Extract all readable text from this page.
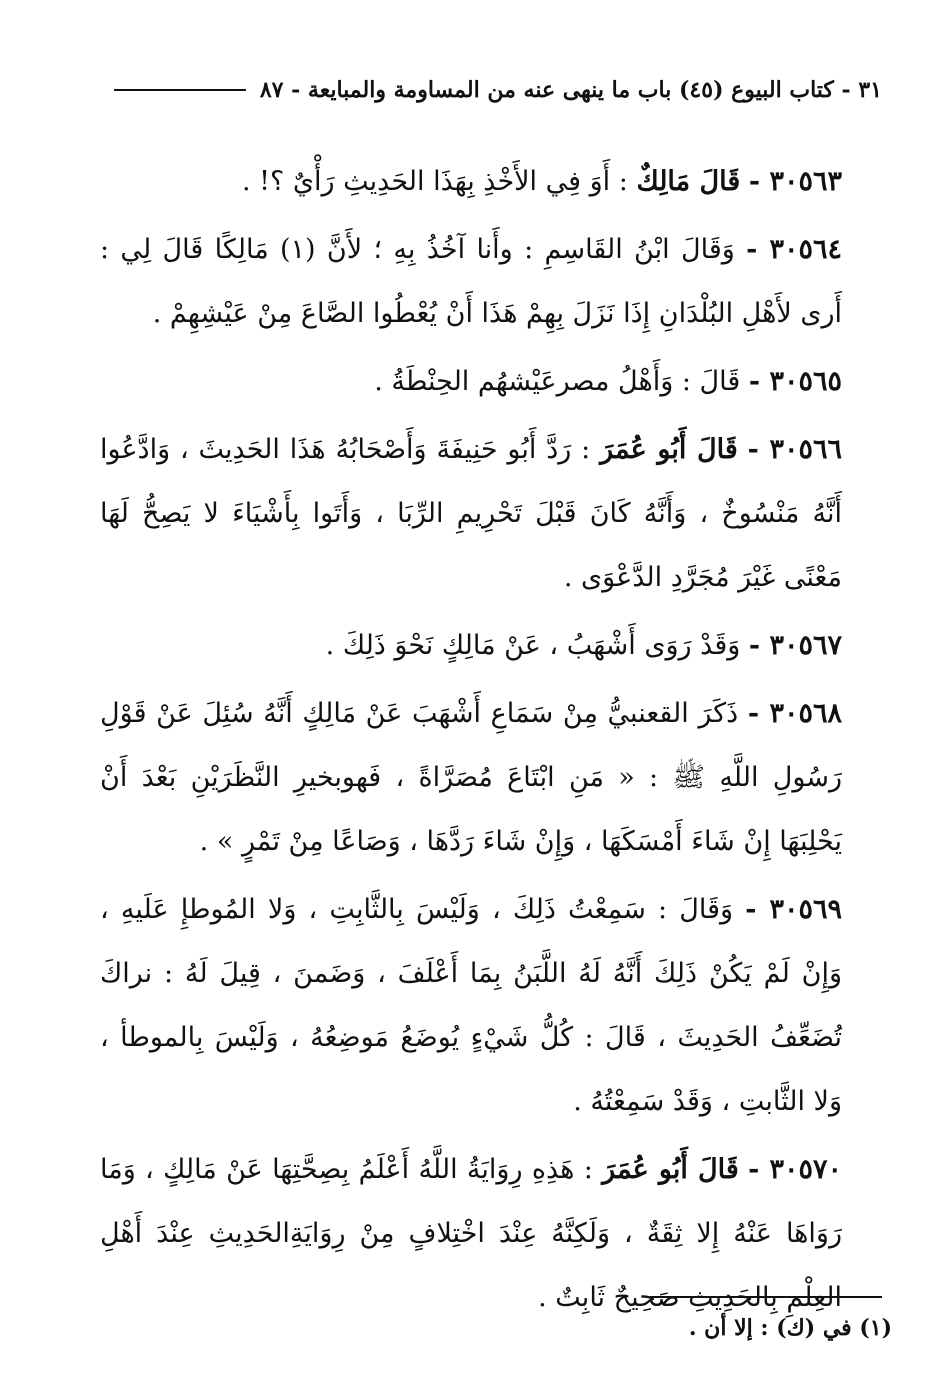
٣١ - كتاب البيوع (٤٥) باب ما ينهى عنه من المساومة والمبايعة - ٨٧

٣٠٥٦٣ - قَالَ مَالِكٌ : أَوَ فِي الأَخْذِ بِهَذَا الحَدِيثِ رَأْيٌ ؟! .

٣٠٥٦٤ - وَقَالَ ابْنُ القَاسِمِ : وأَنا آخُذُ بِهِ ؛ لأَنَّ (١) مَالِكًا قَالَ لِي : أَرى لأَهْلِ البُلْدَانِ إِذَا نَزَلَ بِهِمْ هَذَا أَنْ يُعْطُوا الصَّاعَ مِنْ عَيْشِهِمْ .

٣٠٥٦٥ - قَالَ : وَأَهْلُ مصرعَيْشهُم الحِنْطَةُ .

٣٠٥٦٦ - قَالَ أَبُو عُمَرَ : رَدَّ أَبُو حَنِيفَةَ وَأَصْحَابُهُ هَذَا الحَدِيثَ ، وَادَّعُوا أَنَّهُ مَنْسُوخٌ ، وَأَنَّهُ كَانَ قَبْلَ تَحْرِيمِ الرِّبَا ، وَأَتَوا بِأَشْيَاءَ لا يَصِحُّ لَهَا مَعْنًى غَيْرَ مُجَرَّدِ الدَّعْوَى .

٣٠٥٦٧ - وَقَدْ رَوَى أَشْهَبُ ، عَنْ مَالِكٍ نَحْوَ ذَلِكَ .

٣٠٥٦٨ - ذَكَرَ القعنبيُّ مِنْ سَمَاعِ أَشْهَبَ عَنْ مَالِكٍ أَنَّهُ سُئِلَ عَنْ قَوْلِ رَسُولِ اللَّهِ ﷺ : « مَنِ ابْتَاعَ مُصَرَّاةً ، فَهوبخيرِ النَّظَرَيْنِ بَعْدَ أَنْ يَحْلِبَهَا إِنْ شَاءَ أَمْسَكَهَا ، وَإِنْ شَاءَ رَدَّهَا ، وَصَاعًا مِنْ تَمْرٍ » .

٣٠٥٦٩ - وَقَالَ : سَمِعْتُ ذَلِكَ ، وَلَيْسَ بِالثَّابِتِ ، وَلا المُوطإِ عَلَيهِ ، وَإِنْ لَمْ يَكُنْ ذَلِكَ أَنَّهُ لَهُ اللَّبَنُ بِمَا أَعْلَفَ ، وَضَمنَ ، قِيلَ لَهُ : نراكَ تُضَعِّفُ الحَدِيثَ ، قَالَ : كُلُّ شَيْءٍ يُوضَعُ مَوضِعُهُ ، وَلَيْسَ بِالموطأ ، وَلا الثَّابتِ ، وَقَدْ سَمِعْتُهُ .

٣٠٥٧٠ - قَالَ أَبُو عُمَرَ : هَذِهِ رِوَايَةُ اللَّهُ أَعْلَمُ بِصِحَّتِهَا عَنْ مَالِكٍ ، وَمَا رَوَاهَا عَنْهُ إِلا ثِقَةٌ ، وَلَكِنَّهُ عِنْدَ اخْتِلافٍ مِنْ رِوَايَةِالحَدِيثِ عِنْدَ أَهْلِ العِلْمِ بِالحَدِيثِ صَحِيحٌ ثَابِتٌ .

(١) في (ك) : إلا أن .
